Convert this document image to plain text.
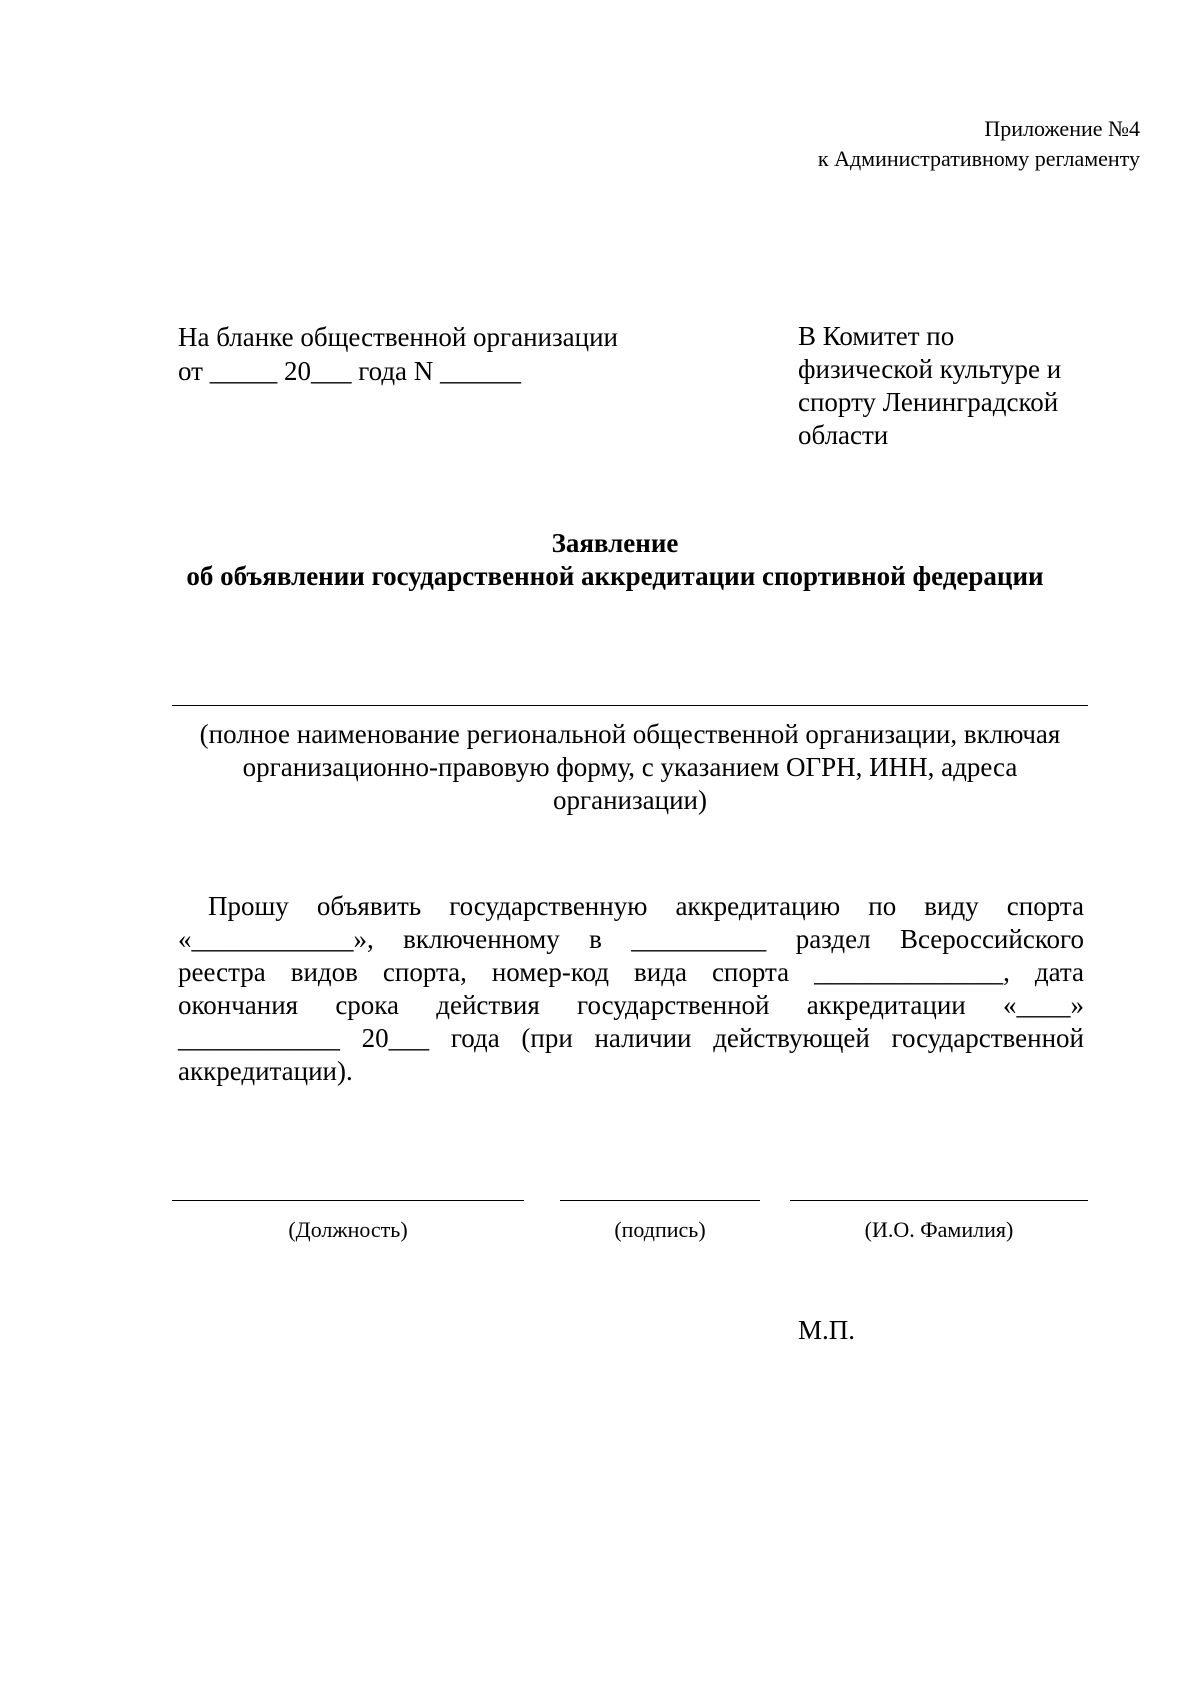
Приложение №4
к Административному регламенту
На бланке общественной организации
от _____ 20___ года N ______
В Комитет по
физической культуре и
спорту Ленинградской
области
Заявление
об объявлении государственной аккредитации спортивной федерации
(полное наименование региональной общественной организации, включая
организационно-правовую форму, с указанием ОГРН, ИНН, адреса
организации)
Прошу объявить государственную аккредитацию по виду спорта
«____________», включенному в __________ раздел Всероссийского
реестра видов спорта, номер-код вида спорта ______________, дата
окончания срока действия государственной аккредитации «____»
____________ 20___ года (при наличии действующей государственной
аккредитации).
(Должность)	(подпись)	(И.О. Фамилия)
М.П.
